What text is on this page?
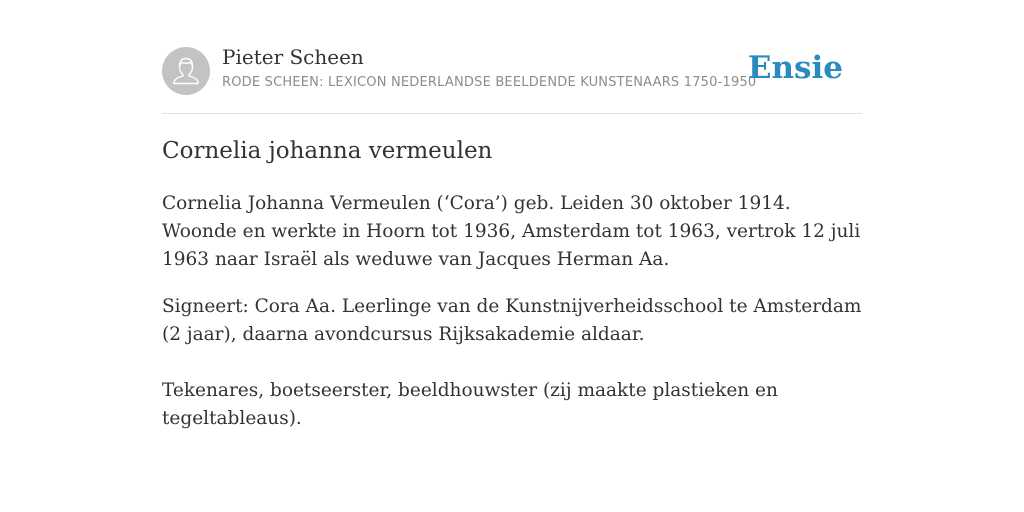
Pieter Scheen
RODE SCHEEN: LEXICON NEDERLANDSE BEELDENDE KUNSTENAARS 1750-1950
Ensie
Cornelia johanna vermeulen

Cornelia Johanna Vermeulen (‘Cora’) geb. Leiden 30 oktober 1914. Woonde en werkte in Hoorn tot 1936, Amsterdam tot 1963, vertrok 12 juli 1963 naar Israël als weduwe van Jacques Herman Aa.

Signeert: Cora Aa. Leerlinge van de Kunstnijverheidsschool te Amsterdam (2 jaar), daarna avondcursus Rijksakademie aldaar.

Tekenares, boetseerster, beeldhouwster (zij maakte plastieken en tegeltableaus).
